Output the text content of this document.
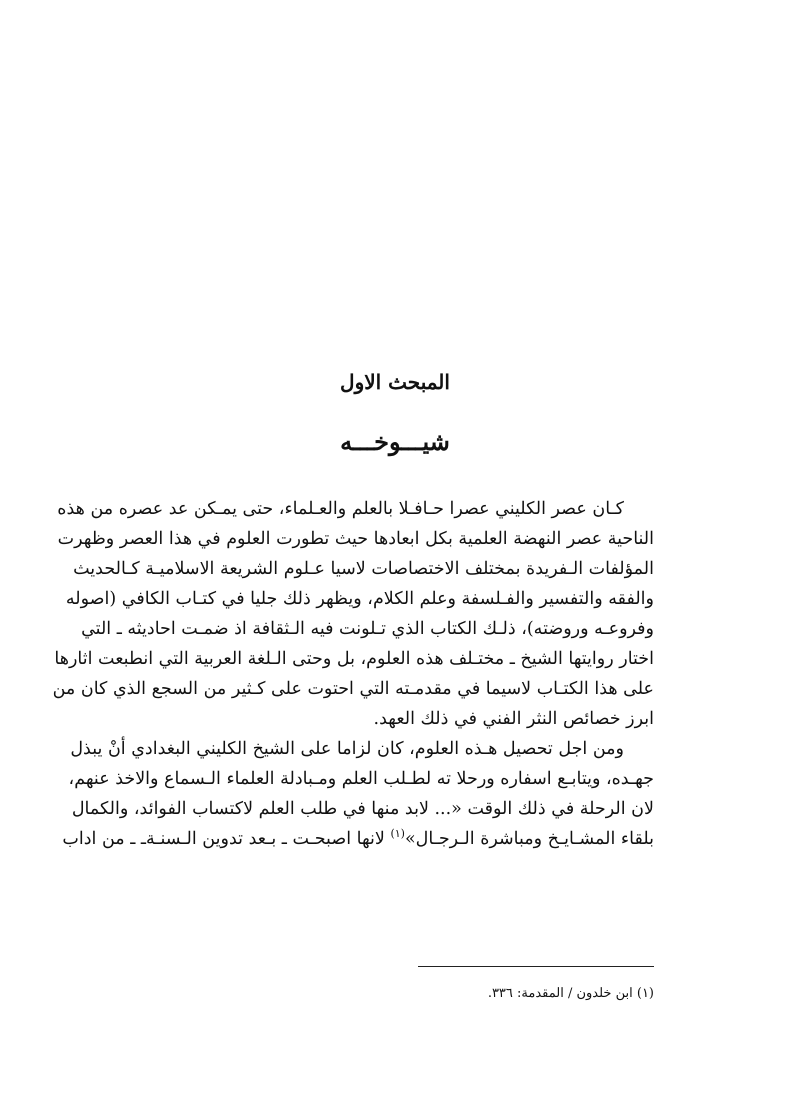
المبحث الاول
شيـــوخـــه
كـان عصر الكليني عصرا حـافـلا بالعلم والعـلماء، حتى يمـكن عد عصره من هذه
الناحية عصر النهضة العلمية بكل ابعادها حيث تطورت العلوم في هذا العصر وظهرت
المؤلفات الـفريدة بمختلف الاختصاصات لاسيا عـلوم الشريعة الاسلاميـة كـالحديث
والفقه والتفسير والفـلسفة وعلم الكلام، ويظهر ذلك جليا في كتـاب الكافي (اصوله
وفروعـه وروضته)، ذلـك الكتاب الذي تـلونت فيه الـثقافة اذ ضمـت احاديثه ـ التي
اختار روايتها الشيخ ـ مختـلف هذه العلوم، بل وحتى الـلغة العربية التي انطبعت اثارها
على هذا الكتـاب لاسيما في مقدمـته التي احتوت على كـثير من السجع الذي كان من
ابرز خصائص النثر الفني في ذلك العهد.
ومن اجل تحصيل هـذه العلوم، كان لزاما على الشيخ الكليني البغدادي أنْ يبذل
جهـده، ويتابـع اسفاره ورحلا ته لطـلب العلم ومـبادلة العلماء الـسماع والاخذ عنهم،
لان الرحلة في ذلك الوقت «... لابد منها في طلب العلم لاكتساب الفوائد، والكمال
بلقاء المشـايـخ ومباشرة الـرجـال»$^{(١)}$ لانها اصبحـت ـ بـعد تدوين الـسنـةـ ـ من اداب
(١) ابن خلدون / المقدمة: ٣٣٦.
